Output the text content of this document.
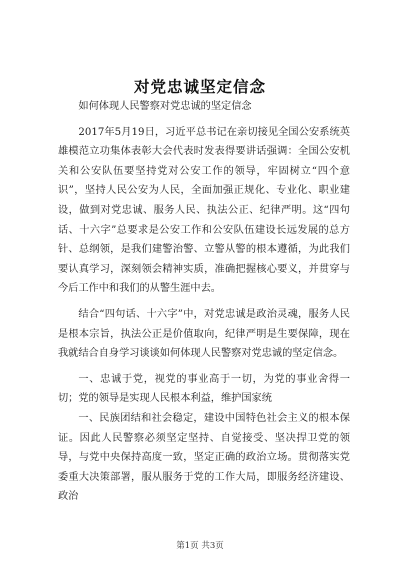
对党忠诚坚定信念

如何体现人民警察对党忠诚的坚定信念

2017年5月19日，习近平总书记在亲切接见全国公安系统英雄模范立功集体表彰大会代表时发表得要讲话强调：全国公安机关和公安队伍要坚持党对公安工作的领导，牢固树立“四个意识”，坚持人民公安为人民，全面加强正规化、专业化、职业建设，做到对党忠诚、服务人民、执法公正、纪律严明。这“四句话、十六字”总要求是公安工作和公安队伍建设长远发展的总方针、总纲领，是我们建警治警、立警从警的根本遵循，为此我们要认真学习，深刻领会精神实质，准确把握核心要义，并贯穿与今后工作中和我们的从警生涯中去。

结合“四句话、十六字”中，对党忠诚是政治灵魂，服务人民是根本宗旨，执法公正是价值取向，纪律严明是生要保障，现在我就结合自身学习谈谈如何体现人民警察对党忠诚的坚定信念。

一、忠诚于党，视党的事业高于一切，为党的事业舍得一切；党的领导是实现人民根本利益，维护国家统

一、民族团结和社会稳定，建设中国特色社会主义的根本保证。因此人民警察必须坚定坚持、自觉接受、坚决捍卫党的领导，与党中央保持高度一致，坚定正确的政治立场。贯彻落实党委重大决策部署，服从服务于党的工作大局，即服务经济建设、政治

第1页 共3页
